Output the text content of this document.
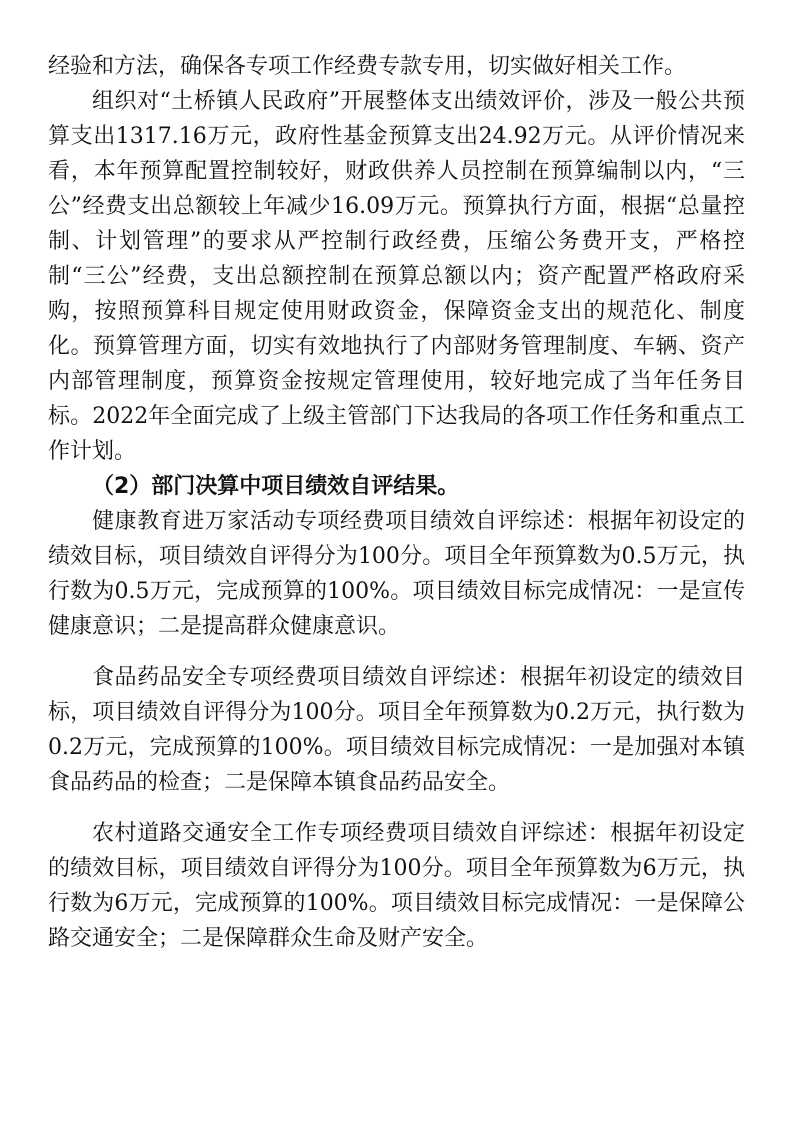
经验和方法，确保各专项工作经费专款专用，切实做好相关工作。

组织对“土桥镇人民政府”开展整体支出绩效评价，涉及一般公共预算支出1317.16万元，政府性基金预算支出24.92万元。从评价情况来看，本年预算配置控制较好，财政供养人员控制在预算编制以内，“三公”经费支出总额较上年减少16.09万元。预算执行方面，根据“总量控制、计划管理”的要求从严控制行政经费，压缩公务费开支，严格控制“三公”经费，支出总额控制在预算总额以内；资产配置严格政府采购，按照预算科目规定使用财政资金，保障资金支出的规范化、制度化。预算管理方面，切实有效地执行了内部财务管理制度、车辆、资产内部管理制度，预算资金按规定管理使用，较好地完成了当年任务目标。2022年全面完成了上级主管部门下达我局的各项工作任务和重点工作计划。

（2）部门决算中项目绩效自评结果。

健康教育进万家活动专项经费项目绩效自评综述：根据年初设定的绩效目标，项目绩效自评得分为100分。项目全年预算数为0.5万元，执行数为0.5万元，完成预算的100%。项目绩效目标完成情况：一是宣传健康意识；二是提高群众健康意识。

食品药品安全专项经费项目绩效自评综述：根据年初设定的绩效目标，项目绩效自评得分为100分。项目全年预算数为0.2万元，执行数为0.2万元，完成预算的100%。项目绩效目标完成情况：一是加强对本镇食品药品的检查；二是保障本镇食品药品安全。

农村道路交通安全工作专项经费项目绩效自评综述：根据年初设定的绩效目标，项目绩效自评得分为100分。项目全年预算数为6万元，执行数为6万元，完成预算的100%。项目绩效目标完成情况：一是保障公路交通安全；二是保障群众生命及财产安全。
